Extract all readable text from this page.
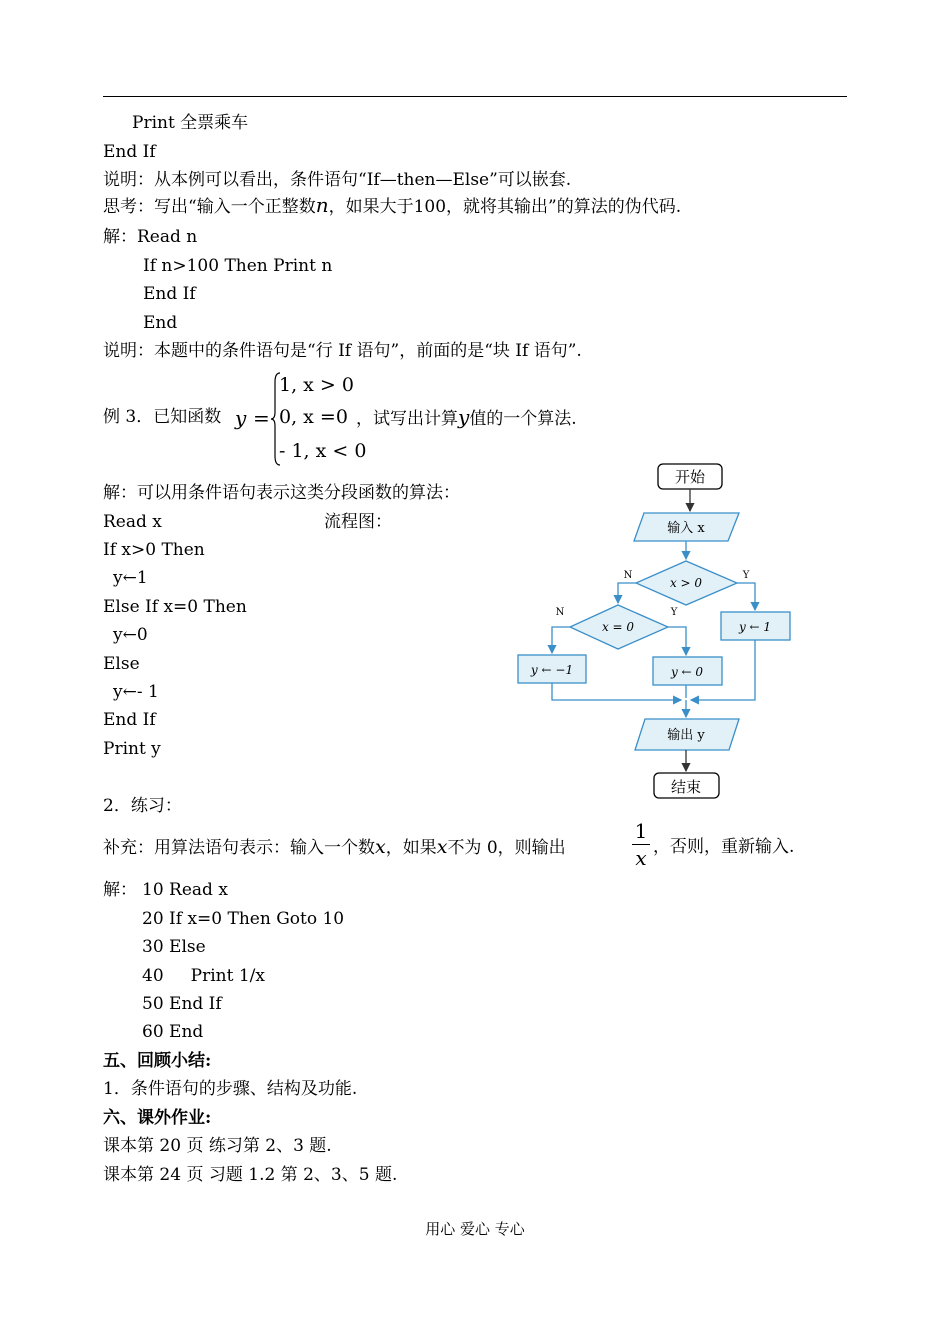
Print 全票乘车
End If
说明：从本例可以看出，条件语句“If—then—Else”可以嵌套.
思考：写出“输入一个正整数n，如果大于100，就将其输出”的算法的伪代码.
解：Read n
If n>100 Then Print n
End If
End
说明：本题中的条件语句是“行 If 语句”，前面的是“块 If 语句”.
例 3．已知函数 y =
1, x > 0
0, x =0
- 1, x < 0
，试写出计算y值的一个算法.
解：可以用条件语句表示这类分段函数的算法：
流程图：
Read x
If x>0 Then
y←1
Else If x=0 Then
y←0
Else
y←- 1
End If
Print y
开始
输入 x
x > 0
N	Y
y ← 1
x = 0
N	Y
y ← 0
y ← −1
输出 y
结束
2．练习：
补充：用算法语句表示：输入一个数x，如果x不为 0，则输出
1
x ，否则，重新输入.
解： 10 Read x
20 If x=0 Then Goto 10
30 Else
40     Print 1/x
50 End If
60 End
五、回顾小结:
1．条件语句的步骤、结构及功能.
六、课外作业:
课本第 20 页 练习第 2、3 题.
课本第 24 页 习题 1.2 第 2、3、5 题.
用心 爱心 专心
